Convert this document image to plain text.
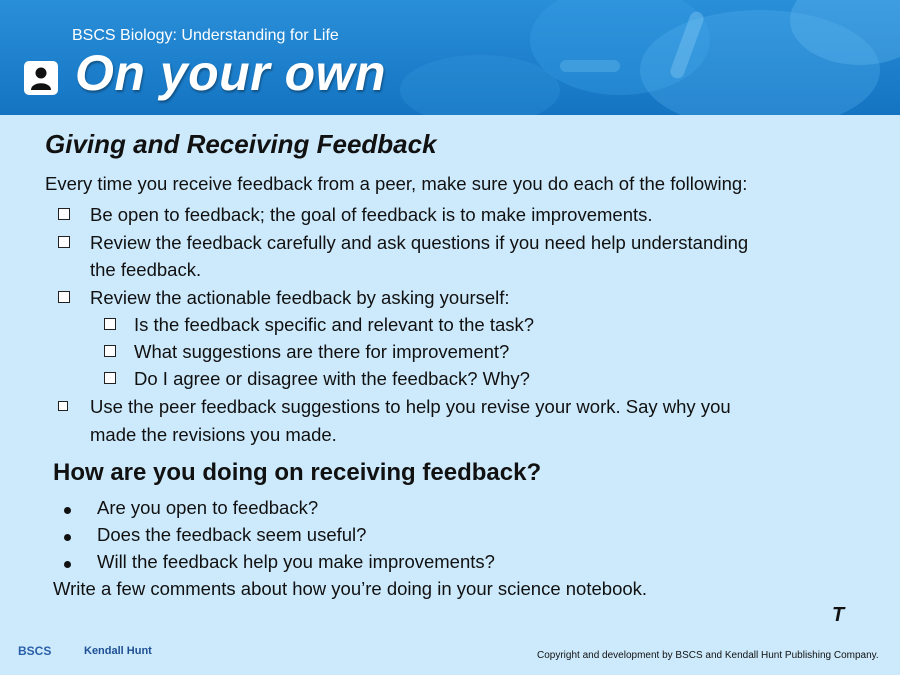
BSCS Biology: Understanding for Life
On your own
Giving and Receiving Feedback
Every time you receive feedback from a peer, make sure you do each of the following:
Be open to feedback; the goal of feedback is to make improvements.
Review the feedback carefully and ask questions if you need help understanding
the feedback.
Review the actionable feedback by asking yourself:
Is the feedback specific and relevant to the task?
What suggestions are there for improvement?
Do I agree or disagree with the feedback? Why?
Use the peer feedback suggestions to help you revise your work. Say why you
made the revisions you made.
How are you doing on receiving feedback?
Are you open to feedback?
Does the feedback seem useful?
Will the feedback help you make improvements?
Write a few comments about how you’re doing in your science notebook.
T
BSCS	Kendall Hunt	Copyright and development by BSCS and Kendall Hunt Publishing Company.
